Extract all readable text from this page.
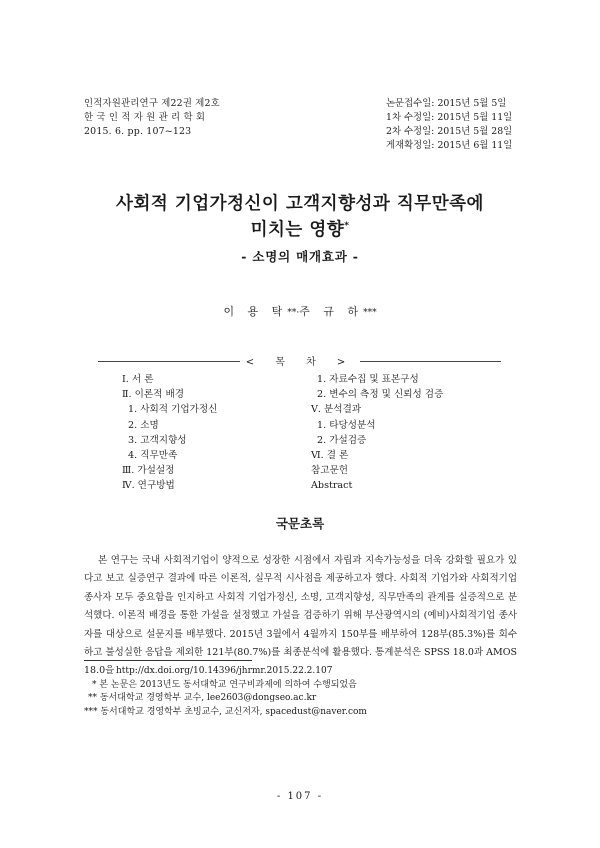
인적자원관리연구 제22권 제2호
한 국 인 적 자 원 관 리 학 회
2015. 6. pp. 107~123
논문접수일: 2015년 5월 5일
1차 수정일: 2015년 5월 11일
2차 수정일: 2015년 5월 28일
게재확정일: 2015년 6월 11일
사회적 기업가정신이 고객지향성과 직무만족에
미치는 영향*
- 소명의 매개효과 -
이 용 탁**·주 규 하***
< 목 차 >
Ⅰ. 서 론
Ⅱ. 이론적 배경
1. 사회적 기업가정신
2. 소명
3. 고객지향성
4. 직무만족
Ⅲ. 가설설정
Ⅳ. 연구방법
1. 자료수집 및 표본구성
2. 변수의 측정 및 신뢰성 검증
Ⅴ. 분석결과
1. 타당성분석
2. 가설검증
Ⅵ. 결 론
참고문헌
Abstract
국문초록

본 연구는 국내 사회적기업이 양적으로 성장한 시점에서 자립과 지속가능성을 더욱 강화할 필요가 있다고 보고 실증연구 결과에 따른 이론적, 실무적 시사점을 제공하고자 했다. 사회적 기업가와 사회적기업 종사자 모두 중요함을 인지하고 사회적 기업가정신, 소명, 고객지향성, 직무만족의 관계를 실증적으로 분석했다. 이론적 배경을 통한 가설을 설정했고 가설을 검증하기 위해 부산광역시의 (예비)사회적기업 종사자를 대상으로 설문지를 배부했다. 2015년 3월에서 4월까지 150부를 배부하여 128부(85.3%)를 회수하고 불성실한 응답을 제외한 121부(80.7%)를 최종분석에 활용했다. 통계분석은 SPSS 18.0과 AMOS 18.0을 http://dx.doi.org/10.14396/jhrmr.2015.22.2.107
* 본 논문은 2013년도 동서대학교 연구비과제에 의하여 수행되었음
** 동서대학교 경영학부 교수, lee2603@dongseo.ac.kr
*** 동서대학교 경영학부 초빙교수, 교신저자, spacedust@naver.com
- 107 -
